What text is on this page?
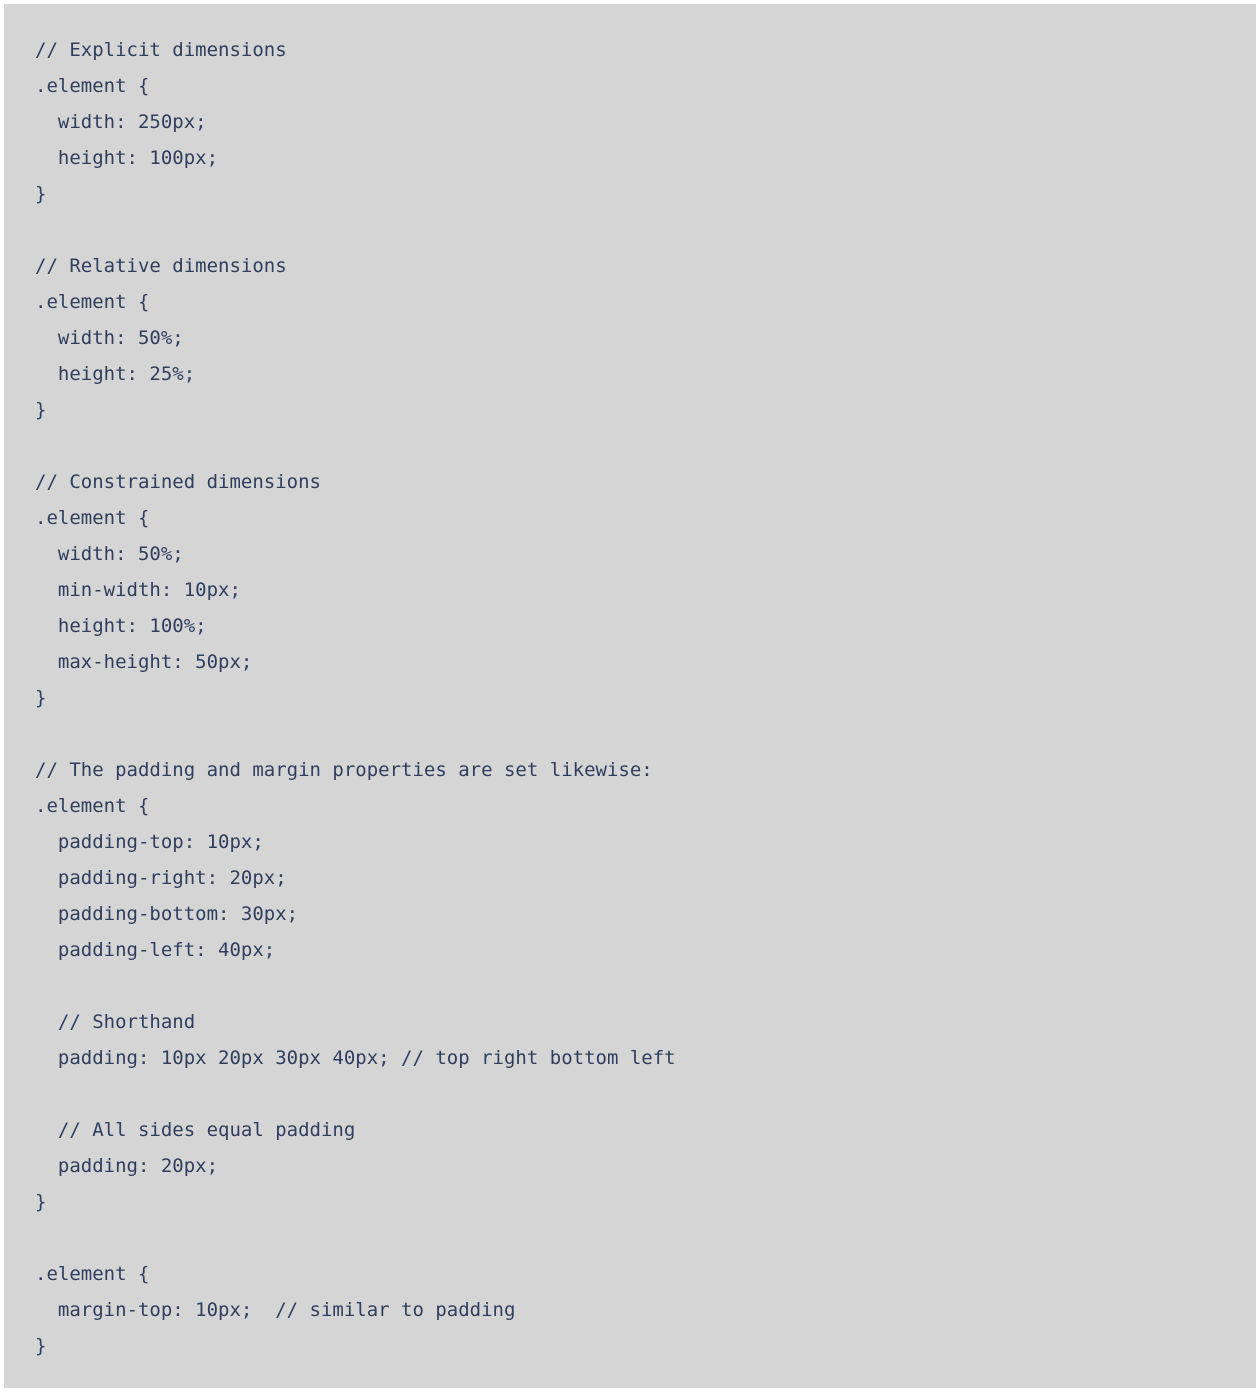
// Explicit dimensions
.element {
width: 250px;
height: 100px;
}
// Relative dimensions
.element {
width: 50%;
height: 25%;
}
// Constrained dimensions
.element {
width: 50%;
min-width: 10px;
height: 100%;
max-height: 50px;
}
// The padding and margin properties are set likewise:
.element {
padding-top: 10px;
padding-right: 20px;
padding-bottom: 30px;
padding-left: 40px;
// Shorthand
padding: 10px 20px 30px 40px; // top right bottom left
// All sides equal padding
padding: 20px;
}
.element {
margin-top: 10px;  // similar to padding
}
